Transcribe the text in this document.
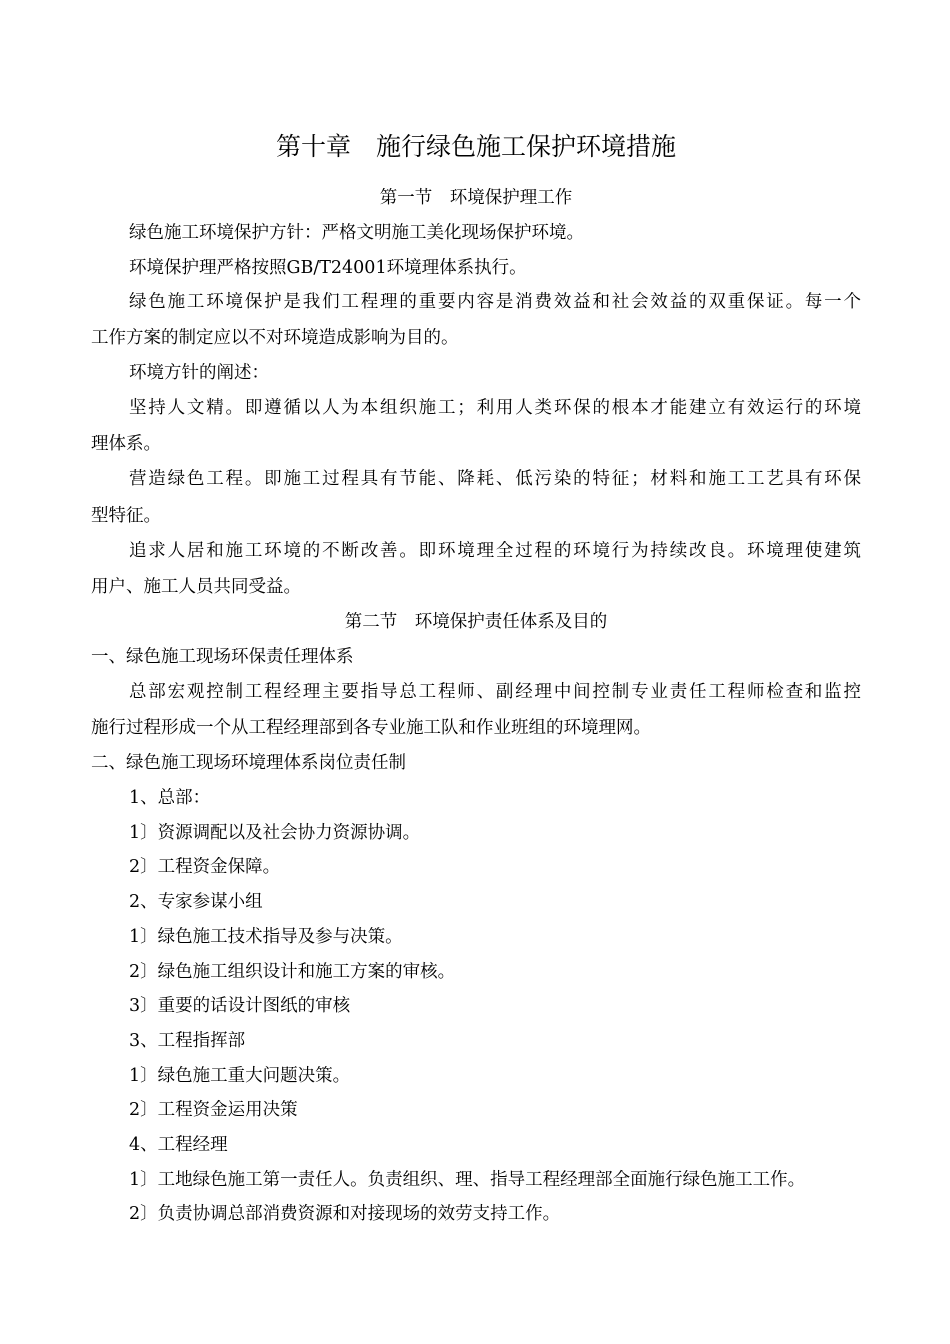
第十章　施行绿色施工保护环境措施
第一节　环境保护理工作
绿色施工环境保护方针：严格文明施工美化现场保护环境。
环境保护理严格按照GB/T24001环境理体系执行。
绿色施工环境保护是我们工程理的重要内容是消费效益和社会效益的双重保证。每一个
工作方案的制定应以不对环境造成影响为目的。
环境方针的阐述：
坚持人文精。即遵循以人为本组织施工；利用人类环保的根本才能建立有效运行的环境
理体系。
营造绿色工程。即施工过程具有节能、降耗、低污染的特征；材料和施工工艺具有环保
型特征。
追求人居和施工环境的不断改善。即环境理全过程的环境行为持续改良。环境理使建筑
用户、施工人员共同受益。
第二节　环境保护责任体系及目的
一、绿色施工现场环保责任理体系
总部宏观控制工程经理主要指导总工程师、副经理中间控制专业责任工程师检查和监控
施行过程形成一个从工程经理部到各专业施工队和作业班组的环境理网。
二、绿色施工现场环境理体系岗位责任制
1、总部：
1〕资源调配以及社会协力资源协调。
2〕工程资金保障。
2、专家参谋小组
1〕绿色施工技术指导及参与决策。
2〕绿色施工组织设计和施工方案的审核。
3〕重要的话设计图纸的审核
3、工程指挥部
1〕绿色施工重大问题决策。
2〕工程资金运用决策
4、工程经理
1〕工地绿色施工第一责任人。负责组织、理、指导工程经理部全面施行绿色施工工作。
2〕负责协调总部消费资源和对接现场的效劳支持工作。
